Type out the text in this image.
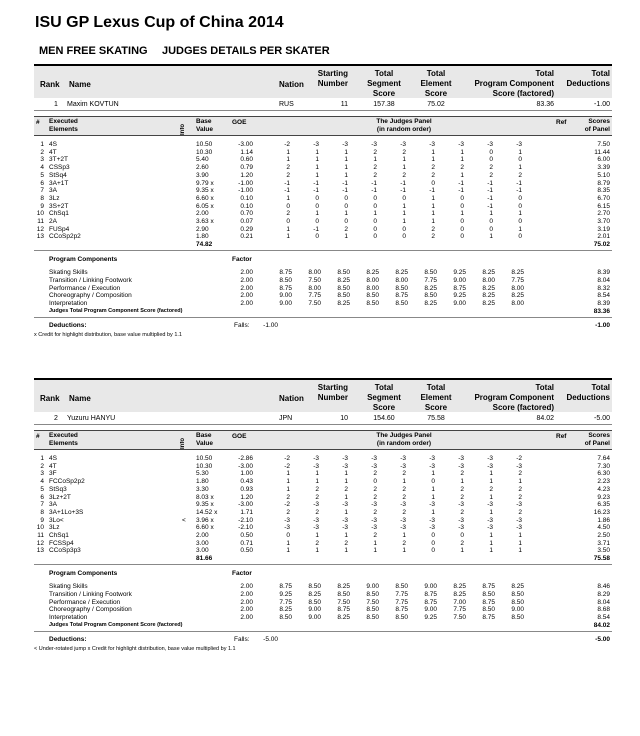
ISU GP Lexus Cup of China 2014
MEN FREE SKATING JUDGES DETAILS PER SKATER
Rank Name	Nation
Starting
Number
Total
Segment
Score
Total
Element
Score
Total
Program Component
Score (factored)
Total
Deductions
1 Maxim KOVTUN	RUS	11	157.38	75.02	83.36	-1.00
# Executed
Elements	Info
Base
Value
GOE	The Judges Panel
(in random order)
Ref	Scores
of Panel
1 4S	10.50	-3.00	-2	-3	-3	-3	-3	-3	-3	-3	-3	7.50
2 4T	10.30	1.14	1	1	1	2	2	1	1	0	1	11.44
3 3T+2T	5.40	0.60	1	1	1	1	1	1	1	0	0	6.00
4 CSSp3	2.60	0.79	2	1	1	2	1	2	2	2	1	3.39
5 StSq4	3.90	1.20	2	1	1	2	2	2	1	2	2	5.10
6 3A+1T	9.79 x	-1.00	-1	-1	-1	-1	-1	0	-1	-1	-1	8.79
7 3A	9.35 x	-1.00	-1	-1	-1	-1	-1	-1	-1	-1	-1	8.35
8 3Lz	6.60 x	0.10	1	0	0	0	0	1	0	-1	0	6.70
9 3S+2T	6.05 x	0.10	0	0	0	0	1	1	0	-1	0	6.15
10 ChSq1	2.00	0.70	2	1	1	1	1	1	1	1	1	2.70
11 2A	3.63 x	0.07	0	0	0	0	1	1	0	0	0	3.70
12 FUSp4	2.90	0.29	1	-1	2	0	0	2	0	0	1	3.19
13 CCoSp2p2	1.80	0.21	1	0	1	0	0	2	0	1	0	2.01
74.82	75.02
Program Components	Factor
Skating Skills	2.00	8.75	8.00	8.50	8.25	8.25	8.50	9.25	8.25	8.25	8.39
Transition / Linking Footwork	2.00	8.50	7.50	8.25	8.00	8.00	7.75	9.00	8.00	7.75	8.04
Performance / Execution	2.00	8.75	8.00	8.50	8.00	8.50	8.25	8.75	8.25	8.00	8.32
Choreography / Composition	2.00	9.00	7.75	8.50	8.50	8.75	8.50	9.25	8.25	8.25	8.54
Interpretation	2.00	9.00	7.50	8.25	8.50	8.50	8.25	9.00	8.25	8.00	8.39
Judges Total Program Component Score (factored)	83.36
Deductions:	Falls:	-1.00	-1.00
x Credit for highlight distribution, base value multiplied by 1.1
Rank Name	Nation
Starting
Number
Total
Segment
Score
Total
Element
Score
Total
Program Component
Score (factored)
Total
Deductions
2 Yuzuru HANYU	JPN	10	154.60	75.58	84.02	-5.00
# Executed
Elements	Info
Base
Value
GOE	The Judges Panel
(in random order)
Ref	Scores
of Panel
1 4S	10.50	-2.86	-2	-3	-3	-3	-3	-3	-3	-3	-2	7.64
2 4T	10.30	-3.00	-2	-3	-3	-3	-3	-3	-3	-3	-3	7.30
3 3F	5.30	1.00	1	1	1	2	2	1	2	1	2	6.30
4 FCCoSp2p2	1.80	0.43	1	1	1	0	1	0	1	1	1	2.23
5 StSq3	3.30	0.93	1	2	2	2	2	1	2	2	2	4.23
6 3Lz+2T	8.03 x	1.20	2	2	1	2	2	1	2	1	2	9.23
7 3A	9.35 x	-3.00	-2	-3	-3	-3	-3	-3	-3	-3	-3	6.35
8 3A+1Lo+3S	14.52 x	1.71	2	2	1	2	2	1	2	1	2	16.23
9 3Lo<	< 3.96 x	-2.10	-3	-3	-3	-3	-3	-3	-3	-3	-3	1.86
10 3Lz	6.60 x	-2.10	-3	-3	-3	-3	-3	-3	-3	-3	-3	4.50
11 ChSq1	2.00	0.50	0	1	1	2	1	0	0	1	1	2.50
12 FCSSp4	3.00	0.71	1	2	2	1	2	0	2	1	1	3.71
13 CCoSp3p3	3.00	0.50	1	1	1	1	1	0	1	1	1	3.50
81.66	75.58
Program Components	Factor
Skating Skills	2.00	8.75	8.50	8.25	9.00	8.50	9.00	8.25	8.75	8.25	8.46
Transition / Linking Footwork	2.00	9.25	8.25	8.50	8.50	7.75	8.75	8.25	8.50	8.50	8.29
Performance / Execution	2.00	7.75	8.50	7.50	7.50	7.75	8.75	7.00	8.75	8.50	8.04
Choreography / Composition	2.00	8.25	9.00	8.75	8.50	8.75	9.00	7.75	8.50	9.00	8.68
Interpretation	2.00	8.50	9.00	8.25	8.50	8.50	9.25	7.50	8.75	8.50	8.54
Judges Total Program Component Score (factored)	84.02
Deductions:	Falls:	-5.00	-5.00
< Under-rotated jump x Credit for highlight distribution, base value multiplied by 1.1
